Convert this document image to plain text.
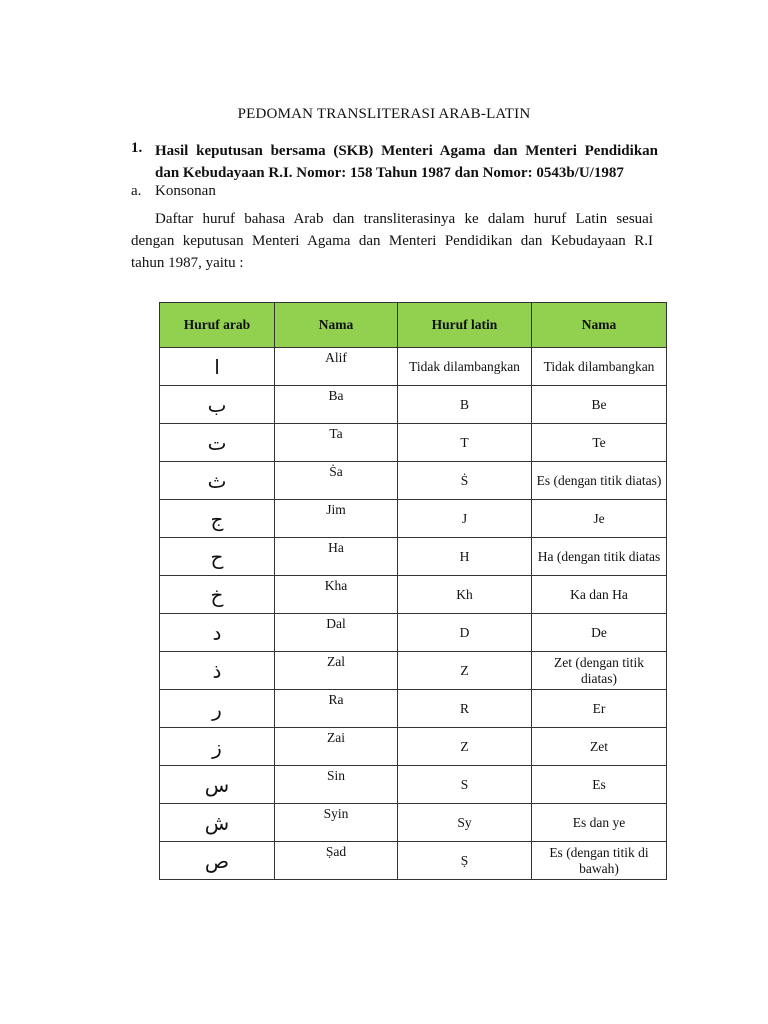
PEDOMAN TRANSLITERASI ARAB-LATIN
1. Hasil keputusan bersama (SKB) Menteri Agama dan Menteri Pendidikan
dan Kebudayaan R.I. Nomor: 158 Tahun 1987 dan Nomor: 0543b/U/1987
a. Konsonan
Daftar huruf bahasa Arab dan transliterasinya ke dalam huruf Latin sesuai
dengan keputusan Menteri Agama dan Menteri Pendidikan dan Kebudayaan R.I
tahun 1987, yaitu :
Huruf arab	Nama	Huruf latin	Nama
ا	Alif	Tidak dilambangkan	Tidak dilambangkan
ب	Ba	B	Be
ت	Ta	T	Te
ث	Ṡa	Ṡ	Es (dengan titik diatas)
ج	Jim	J	Je
ح	Ha	H	Ha (dengan titik diatas
خ	Kha	Kh	Ka dan Ha
د	Dal	D	De
ذ	Zal	Z	Zet (dengan titik diatas)
ر	Ra	R	Er
ز	Zai	Z	Zet
س	Sin	S	Es
ش	Syin	Sy	Es dan ye
ص	Ṣad	Ṣ	Es (dengan titik di bawah)
